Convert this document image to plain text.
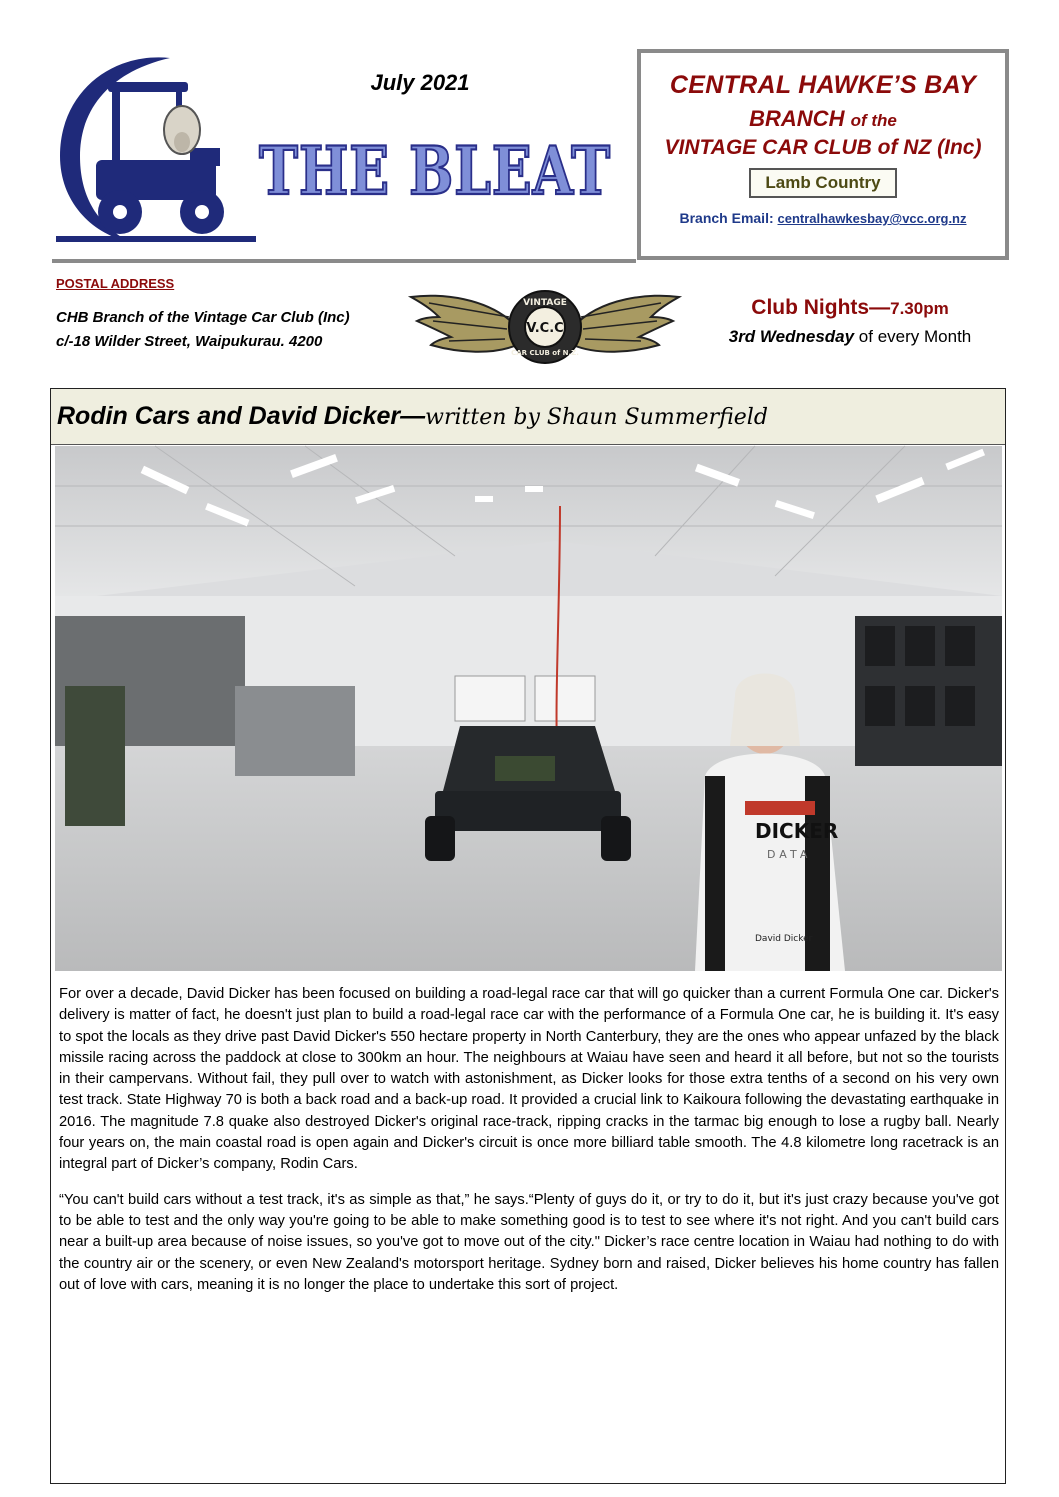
July 2021
THE BLEAT
CENTRAL HAWKE’S BAY
BRANCH of the
VINTAGE CAR CLUB of NZ (Inc)
Lamb Country
Branch Email: centralhawkesbay@vcc.org.nz
POSTAL ADDRESS
CHB Branch of the Vintage Car Club (Inc)
c/-18 Wilder Street, Waipukurau. 4200
VINTAGE
V.C.C
CAR CLUB of N.Z.
Club Nights—7.30pm
3rd Wednesday of every Month
Rodin Cars and David Dicker—written by Shaun Summerfield
DICKER
DATA
David Dicker

For over a decade, David Dicker has been focused on building a road-legal race car that will go quicker than a current Formula One car. Dicker's delivery is matter of fact, he doesn't just plan to build a road-legal race car with the performance of a Formula One car, he is building it. It's easy to spot the locals as they drive past David Dicker's 550 hectare property in North Canterbury, they are the ones who appear unfazed by the black missile racing across the paddock at close to 300km an hour. The neighbours at Waiau have seen and heard it all before, but not so the tourists in their campervans. Without fail, they pull over to watch with astonishment, as Dicker looks for those extra tenths of a second on his very own test track. State Highway 70 is both a back road and a back-up road. It provided a crucial link to Kaikoura following the devastating earthquake in 2016. The magnitude 7.8 quake also destroyed Dicker's original race-track, ripping cracks in the tarmac big enough to lose a rugby ball. Nearly four years on, the main coastal road is open again and Dicker's circuit is once more billiard table smooth. The 4.8 kilometre long racetrack is an integral part of Dicker’s company, Rodin Cars.

“You can't build cars without a test track, it's as simple as that,” he says.“Plenty of guys do it, or try to do it, but it's just crazy because you've got to be able to test and the only way you're going to be able to make something good is to test to see where it's not right. And you can't build cars near a built-up area because of noise issues, so you've got to move out of the city." Dicker’s race centre location in Waiau had nothing to do with the country air or the scenery, or even New Zealand's motorsport heritage. Sydney born and raised, Dicker believes his home country has fallen out of love with cars, meaning it is no longer the place to undertake this sort of project.
